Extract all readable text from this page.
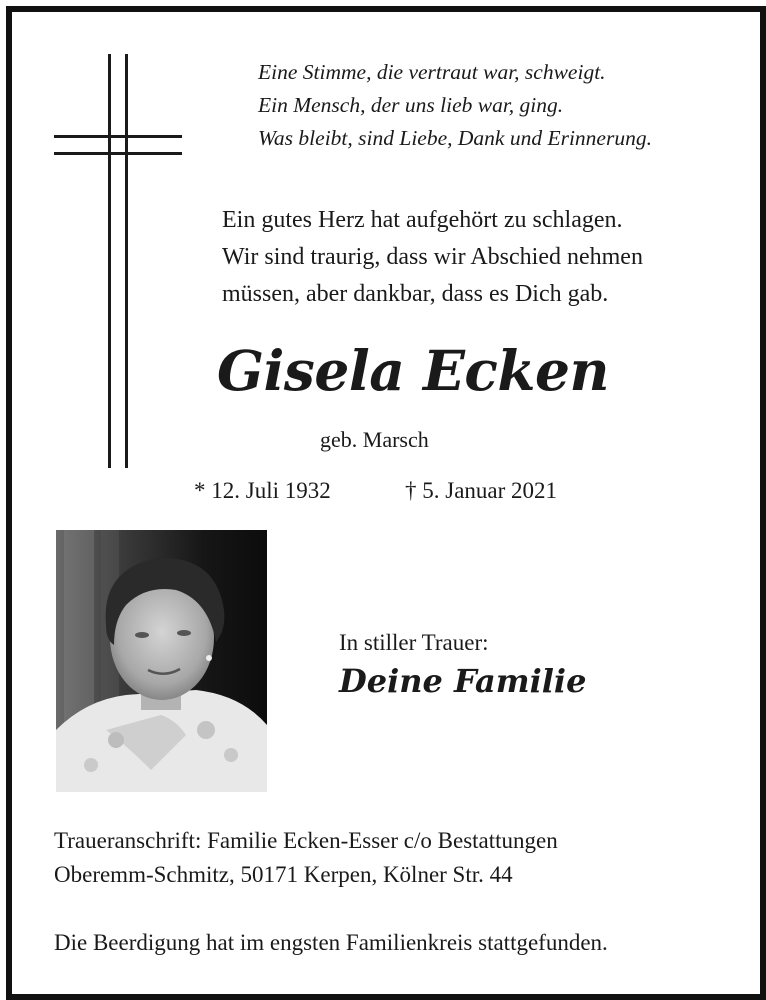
Eine Stimme, die vertraut war, schweigt.
Ein Mensch, der uns lieb war, ging.
Was bleibt, sind Liebe, Dank und Erinnerung.
Ein gutes Herz hat aufgehört zu schlagen.
Wir sind traurig, dass wir Abschied nehmen
müssen, aber dankbar, dass es Dich gab.
Gisela Ecken
geb. Marsch
* 12. Juli 1932	† 5. Januar 2021
In stiller Trauer:
Deine Familie
Traueranschrift: Familie Ecken-Esser c/o Bestattungen
Oberemm-Schmitz, 50171 Kerpen, Kölner Str. 44
Die Beerdigung hat im engsten Familienkreis stattgefunden.
